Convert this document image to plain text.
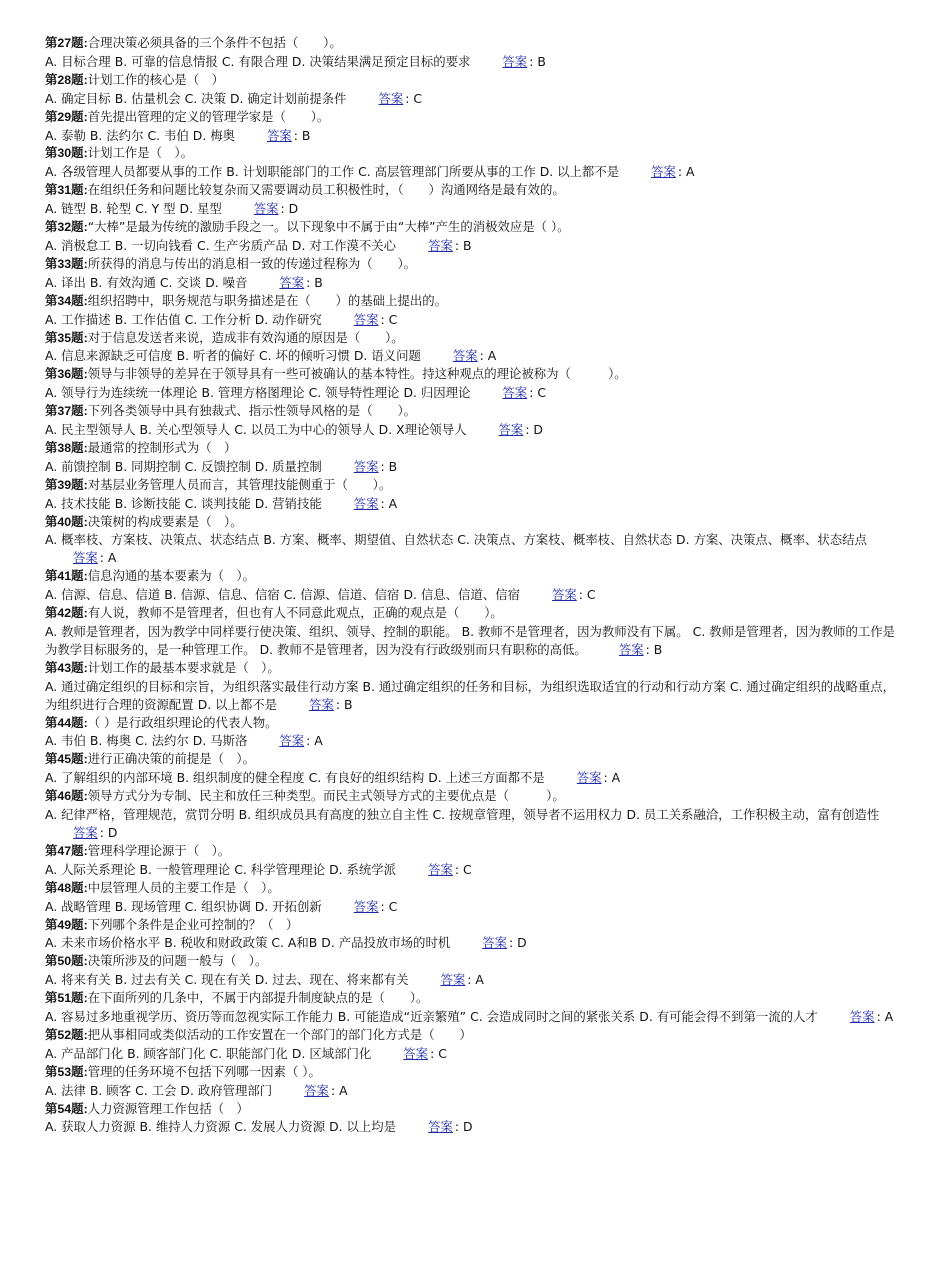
第27题:合理决策必须具备的三个条件不包括（　　）。
A. 目标合理 B. 可靠的信息情报 C. 有限合理 D. 决策结果满足预定目标的要求	答案 : B
第28题:计划工作的核心是（　）
A. 确定目标 B. 估量机会 C. 决策 D. 确定计划前提条件	答案 : C
第29题:首先提出管理的定义的管理学家是（　　）。
A. 泰勒 B. 法约尔 C. 韦伯 D. 梅奥	答案 : B
第30题:计划工作是（　）。
A. 各级管理人员都要从事的工作 B. 计划职能部门的工作 C. 高层管理部门所要从事的工作 D. 以上都不是	答案 : A
第31题:在组织任务和问题比较复杂而又需要调动员工积极性时，（　　）沟通网络是最有效的。
A. 链型 B. 轮型 C. Y 型 D. 星型	答案 : D
第32题:“大棒”是最为传统的激励手段之一。以下现象中不属于由“大棒”产生的消极效应是（ ）。
A. 消极怠工 B. 一切向钱看 C. 生产劣质产品 D. 对工作漠不关心	答案 : B
第33题:所获得的消息与传出的消息相一致的传递过程称为（　　）。
A. 译出 B. 有效沟通 C. 交谈 D. 噪音	答案 : B
第34题:组织招聘中，职务规范与职务描述是在（　　）的基础上提出的。
A. 工作描述 B. 工作估值 C. 工作分析 D. 动作研究	答案 : C
第35题:对于信息发送者来说，造成非有效沟通的原因是（　　）。
A. 信息来源缺乏可信度 B. 听者的偏好 C. 坏的倾听习惯 D. 语义问题	答案 : A
第36题:领导与非领导的差异在于领导具有一些可被确认的基本特性。持这种观点的理论被称为（　　　）。
A. 领导行为连续统一体理论 B. 管理方格图理论 C. 领导特性理论 D. 归因理论	答案 : C
第37题:下列各类领导中具有独裁式、指示性领导风格的是（　　）。
A. 民主型领导人 B. 关心型领导人 C. 以员工为中心的领导人 D. X理论领导人	答案 : D
第38题:最通常的控制形式为（　）
A. 前馈控制 B. 同期控制 C. 反馈控制 D. 质量控制	答案 : B
第39题:对基层业务管理人员而言，其管理技能侧重于（　　）。
A. 技术技能 B. 诊断技能 C. 谈判技能 D. 营销技能	答案 : A
第40题:决策树的构成要素是（　）。
A. 概率枝、方案枝、决策点、状态结点 B. 方案、概率、期望值、自然状态 C. 决策点、方案枝、概率枝、自然状态 D. 方案、决策点、概率、状态结点答案 : A
第41题:信息沟通的基本要素为（　）。
A. 信源、信息、信道 B. 信源、信息、信宿 C. 信源、信道、信宿 D. 信息、信道、信宿	答案 : C
第42题:有人说，教师不是管理者，但也有人不同意此观点，正确的观点是（　　）。
A. 教师是管理者，因为教学中同样要行使决策、组织、领导、控制的职能。 B. 教师不是管理者，因为教师没有下属。 C. 教师是管理者，因为教师的工作是为教学目标服务的，是一种管理工作。 D. 教师不是管理者，因为没有行政级别而只有职称的高低。	答案 : B
第43题:计划工作的最基本要求就是（　）。
A. 通过确定组织的目标和宗旨，为组织落实最佳行动方案 B. 通过确定组织的任务和目标，为组织选取适宜的行动和行动方案 C. 通过确定组织的战略重点，为组织进行合理的资源配置 D. 以上都不是	答案 : B
第44题:（ ）是行政组织理论的代表人物。
A. 韦伯 B. 梅奥 C. 法约尔 D. 马斯洛	答案 : A
第45题:进行正确决策的前提是（　）。
A. 了解组织的内部环境 B. 组织制度的健全程度 C. 有良好的组织结构 D. 上述三方面都不是	答案 : A
第46题:领导方式分为专制、民主和放任三种类型。而民主式领导方式的主要优点是（　　　）。
A. 纪律严格，管理规范，赏罚分明 B. 组织成员具有高度的独立自主性 C. 按规章管理，领导者不运用权力 D. 员工关系融洽，工作积极主动，富有创造性答案 : D
第47题:管理科学理论源于（　）。
A. 人际关系理论 B. 一般管理理论 C. 科学管理理论 D. 系统学派	答案 : C
第48题:中层管理人员的主要工作是（　）。
A. 战略管理 B. 现场管理 C. 组织协调 D. 开拓创新	答案 : C
第49题:下列哪个条件是企业可控制的？（　）
A. 未来市场价格水平 B. 税收和财政政策 C. A和B D. 产品投放市场的时机	答案 : D
第50题:决策所涉及的问题一般与（　）。
A. 将来有关 B. 过去有关 C. 现在有关 D. 过去、现在、将来都有关	答案 : A
第51题:在下面所列的几条中，不属于内部提升制度缺点的是（　　）。
A. 容易过多地重视学历、资历等而忽视实际工作能力 B. 可能造成“近亲繁殖” C. 会造成同时之间的紧张关系 D. 有可能会得不到第一流的人才	答案 : A
第52题:把从事相同或类似活动的工作安置在一个部门的部门化方式是（　　）
A. 产品部门化 B. 顾客部门化 C. 职能部门化 D. 区域部门化	答案 : C
第53题:管理的任务环境不包括下列哪一因素（ ）。
A. 法律 B. 顾客 C. 工会 D. 政府管理部门	答案 : A
第54题:人力资源管理工作包括（　）
A. 获取人力资源 B. 维持人力资源 C. 发展人力资源 D. 以上均是	答案 : D
